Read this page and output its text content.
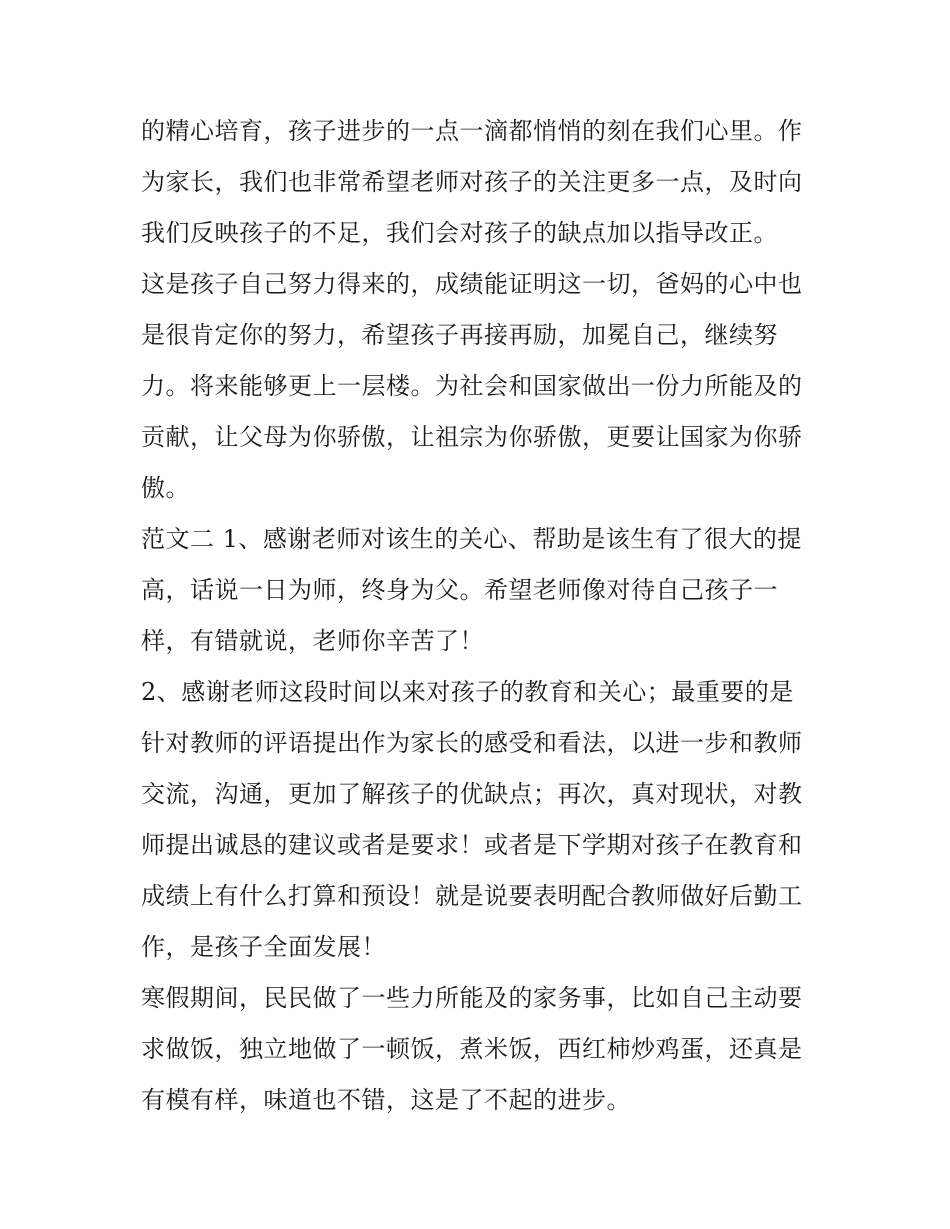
的精心培育，孩子进步的一点一滴都悄悄的刻在我们心里。作
为家长，我们也非常希望老师对孩子的关注更多一点，及时向
我们反映孩子的不足，我们会对孩子的缺点加以指导改正。
这是孩子自己努力得来的，成绩能证明这一切，爸妈的心中也
是很肯定你的努力，希望孩子再接再励，加冕自己，继续努
力。将来能够更上一层楼。为社会和国家做出一份力所能及的
贡献，让父母为你骄傲，让祖宗为你骄傲，更要让国家为你骄
傲。
范文二 1、感谢老师对该生的关心、帮助是该生有了很大的提
高，话说一日为师，终身为父。希望老师像对待自己孩子一
样，有错就说，老师你辛苦了！
2、感谢老师这段时间以来对孩子的教育和关心；最重要的是
针对教师的评语提出作为家长的感受和看法，以进一步和教师
交流，沟通，更加了解孩子的优缺点；再次，真对现状，对教
师提出诚恳的建议或者是要求！或者是下学期对孩子在教育和
成绩上有什么打算和预设！就是说要表明配合教师做好后勤工
作，是孩子全面发展！
寒假期间，民民做了一些力所能及的家务事，比如自己主动要
求做饭，独立地做了一顿饭，煮米饭，西红柿炒鸡蛋，还真是
有模有样，味道也不错，这是了不起的进步。
